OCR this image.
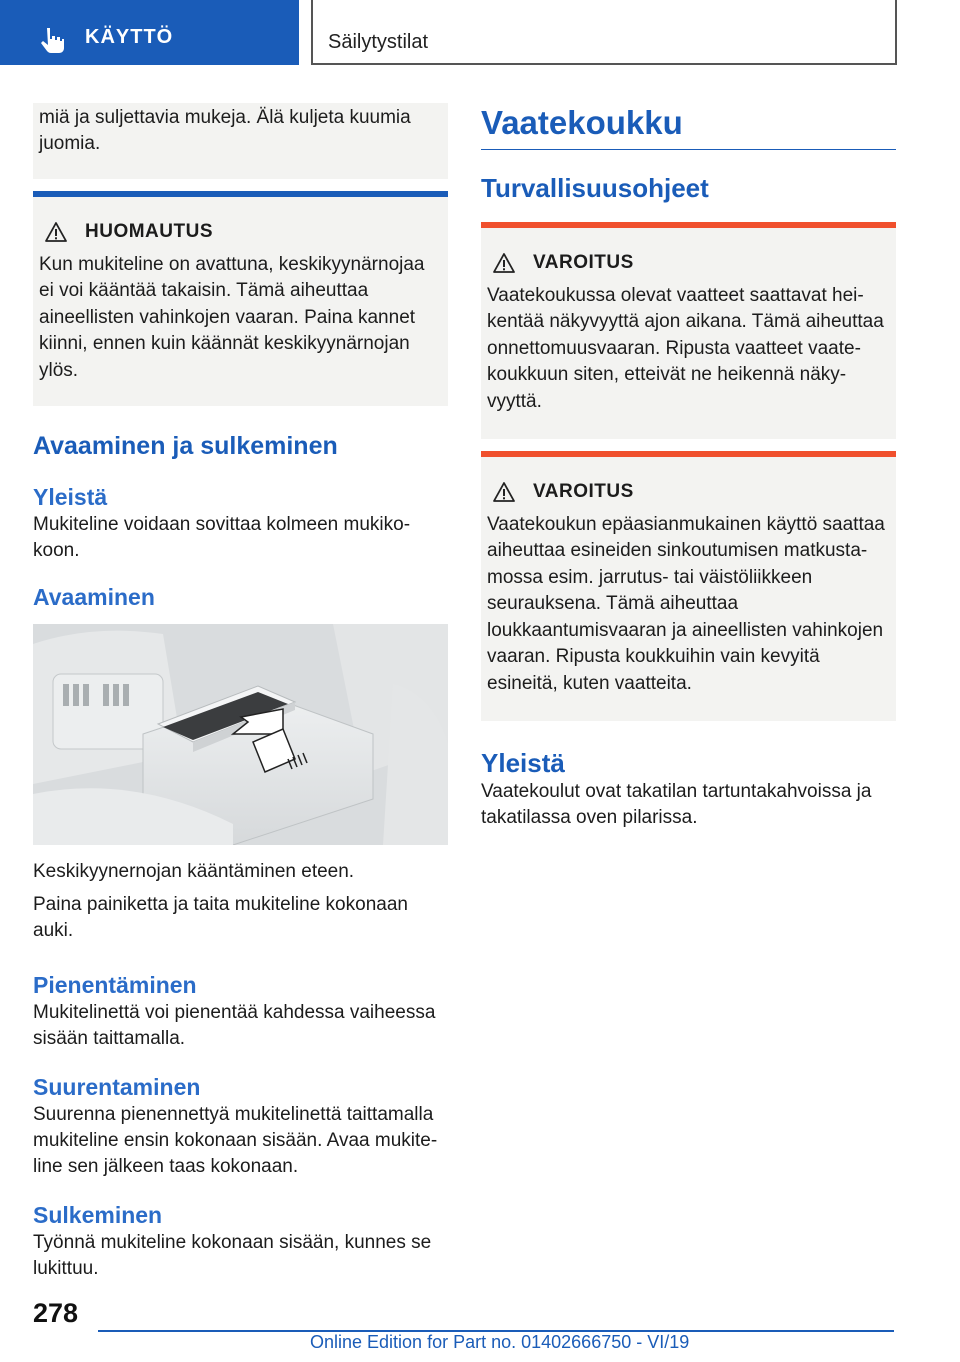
KÄYTTÖ	Säilytystilat
miä ja suljettavia mukeja. Älä kuljeta kuumia juomia.
HUOMAUTUS
Kun mukiteline on avattuna, keskikyynärnojaa ei voi kääntää takaisin. Tämä aiheuttaa aineellisten vahinkojen vaaran. Paina kannet kiinni, ennen kuin käännät keskikyynärnojan ylös.
Avaaminen ja sulkeminen
Yleistä
Mukiteline voidaan sovittaa kolmeen mukikokoon.
Avaaminen
Keskikyynernojan kääntäminen eteen.
Paina painiketta ja taita mukiteline kokonaan auki.
Pienentäminen
Mukitelinettä voi pienentää kahdessa vaiheessa sisään taittamalla.
Suurentaminen
Suurenna pienennettyä mukitelinettä taittamalla mukiteline ensin kokonaan sisään. Avaa mukiteline sen jälkeen taas kokonaan.
Sulkeminen
Työnnä mukiteline kokonaan sisään, kunnes se lukittuu.
Vaatekoukku
Turvallisuusohjeet
VAROITUS
Vaatekoukussa olevat vaatteet saattavat heikentää näkyvyyttä ajon aikana. Tämä aiheuttaa onnettomuusvaaran. Ripusta vaatteet vaatekoukkuun siten, etteivät ne heikennä näkyvyyttä.
VAROITUS
Vaatekoukun epäasianmukainen käyttö saattaa aiheuttaa esineiden sinkoutumisen matkustamossa esim. jarrutus- tai väistöliikkeen seurauksena. Tämä aiheuttaa loukkaantumisvaaran ja aineellisten vahinkojen vaaran. Ripusta koukkuihin vain kevyitä esineitä, kuten vaatteita.
Yleistä
Vaatekoulut ovat takatilan tartuntakahvoissa ja takatilassa oven pilarissa.
278
Online Edition for Part no. 01402666750 - VI/19
